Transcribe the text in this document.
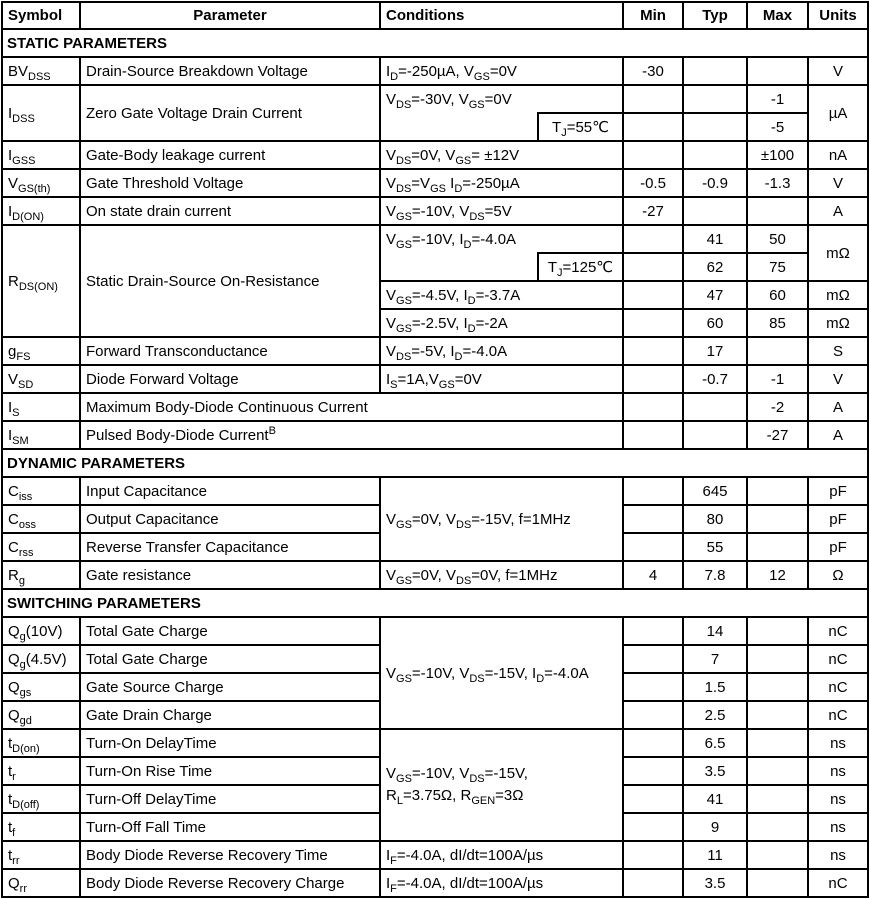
Symbol	Parameter	Conditions		Min	Typ	Max	Units
STATIC PARAMETERS							
$BV_{DSS}$	Drain-Source Breakdown Voltage	$I_D=-250\mu A$, $V_{GS}=0V$		-30			V
$I_{DSS}$	Zero Gate Voltage Drain Current	$V_{DS}=-30V$, $V_{GS}=0V$				-1	µA
			$T_J=55℃$			-5	
$I_{GSS}$	Gate-Body leakage current	$V_{DS}=0V$, $V_{GS}= \pm 12V$				±100	nA
$V_{GS(th)}$	Gate Threshold Voltage	$V_{DS}=V_{GS}$ $I_D=-250\mu A$		-0.5	-0.9	-1.3	V
$I_{D(ON)}$	On state drain current	$V_{GS}=-10V$, $V_{DS}=5V$		-27			A
$R_{DS(ON)}$	Static Drain-Source On-Resistance	$V_{GS}=-10V$, $I_D=-4.0A$			41	50	mΩ
			$T_J=125℃$		62	75	
		$V_{GS}=-4.5V$, $I_D=-3.7A$			47	60	mΩ
		$V_{GS}=-2.5V$, $I_D=-2A$			60	85	mΩ
$g_{FS}$	Forward Transconductance	$V_{DS}=-5V$, $I_D=-4.0A$			17		S
$V_{SD}$	Diode Forward Voltage	$I_S=1A,V_{GS}=0V$			-0.7	-1	V
$I_S$	Maximum Body-Diode Continuous Current					-2	A
$I_{SM}$	Pulsed Body-Diode Current$^B$					-27	A
DYNAMIC PARAMETERS							
$C_{iss}$	Input Capacitance	$V_{GS}=0V$, $V_{DS}=-15V$, f=1MHz			645		pF
$C_{oss}$	Output Capacitance				80		pF
$C_{rss}$	Reverse Transfer Capacitance				55		pF
$R_g$	Gate resistance	$V_{GS}=0V$, $V_{DS}=0V$, f=1MHz		4	7.8	12	Ω
SWITCHING PARAMETERS							
$Q_g(10V)$	Total Gate Charge	$V_{GS}=-10V$, $V_{DS}=-15V$, $I_D=-4.0A$			14		nC
$Q_g(4.5V)$	Total Gate Charge				7		nC
$Q_{gs}$	Gate Source Charge				1.5		nC
$Q_{gd}$	Gate Drain Charge				2.5		nC
$t_{D(on)}$	Turn-On DelayTime	$V_{GS}=-10V$, $V_{DS}=-15V$,
$R_L=3.75\Omega$, $R_{GEN}=3\Omega$			6.5		ns
$t_r$	Turn-On Rise Time				3.5		ns
$t_{D(off)}$	Turn-Off DelayTime				41		ns
$t_f$	Turn-Off Fall Time				9		ns
$t_{rr}$	Body Diode Reverse Recovery Time	$I_F=-4.0A$, dI/dt=100A/µs			11		ns
$Q_{rr}$	Body Diode Reverse Recovery Charge	$I_F=-4.0A$, dI/dt=100A/µs			3.5		nC
